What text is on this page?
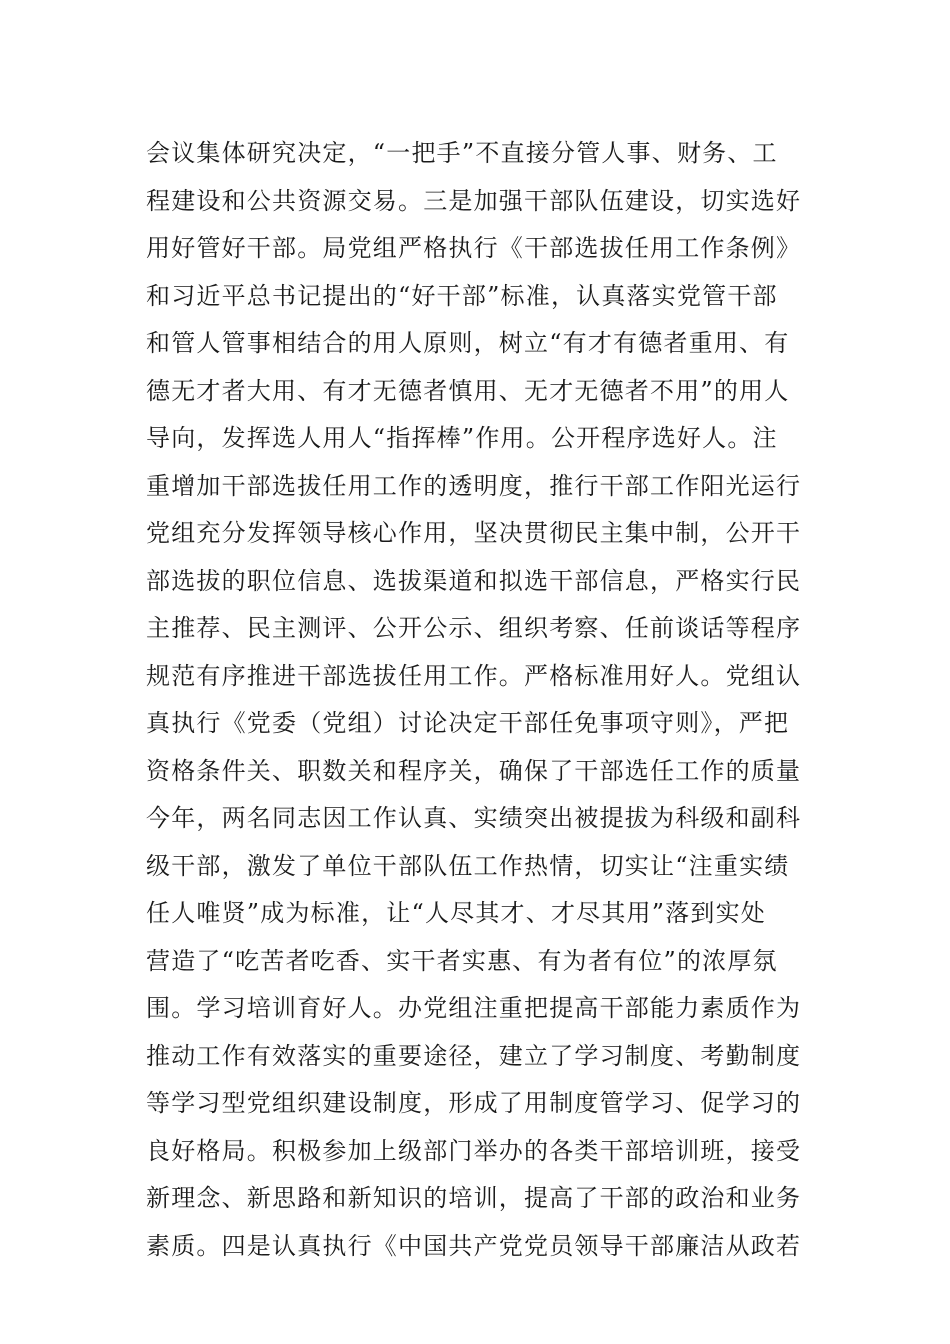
会议集体研究决定，“一把手”不直接分管人事、财务、工
程建设和公共资源交易。三是加强干部队伍建设，切实选好
用好管好干部。局党组严格执行《干部选拔任用工作条例》
和习近平总书记提出的“好干部”标准，认真落实党管干部
和管人管事相结合的用人原则，树立“有才有德者重用、有
德无才者大用、有才无德者慎用、无才无德者不用”的用人
导向，发挥选人用人“指挥棒”作用。公开程序选好人。注
重增加干部选拔任用工作的透明度，推行干部工作阳光运行
党组充分发挥领导核心作用，坚决贯彻民主集中制，公开干
部选拔的职位信息、选拔渠道和拟选干部信息，严格实行民
主推荐、民主测评、公开公示、组织考察、任前谈话等程序
规范有序推进干部选拔任用工作。严格标准用好人。党组认
真执行《党委（党组）讨论决定干部任免事项守则》，严把
资格条件关、职数关和程序关，确保了干部选任工作的质量
今年，两名同志因工作认真、实绩突出被提拔为科级和副科
级干部，激发了单位干部队伍工作热情，切实让“注重实绩
任人唯贤”成为标准，让“人尽其才、才尽其用”落到实处
营造了“吃苦者吃香、实干者实惠、有为者有位”的浓厚氛
围。学习培训育好人。办党组注重把提高干部能力素质作为
推动工作有效落实的重要途径，建立了学习制度、考勤制度
等学习型党组织建设制度，形成了用制度管学习、促学习的
良好格局。积极参加上级部门举办的各类干部培训班，接受
新理念、新思路和新知识的培训，提高了干部的政治和业务
素质。四是认真执行《中国共产党党员领导干部廉洁从政若
